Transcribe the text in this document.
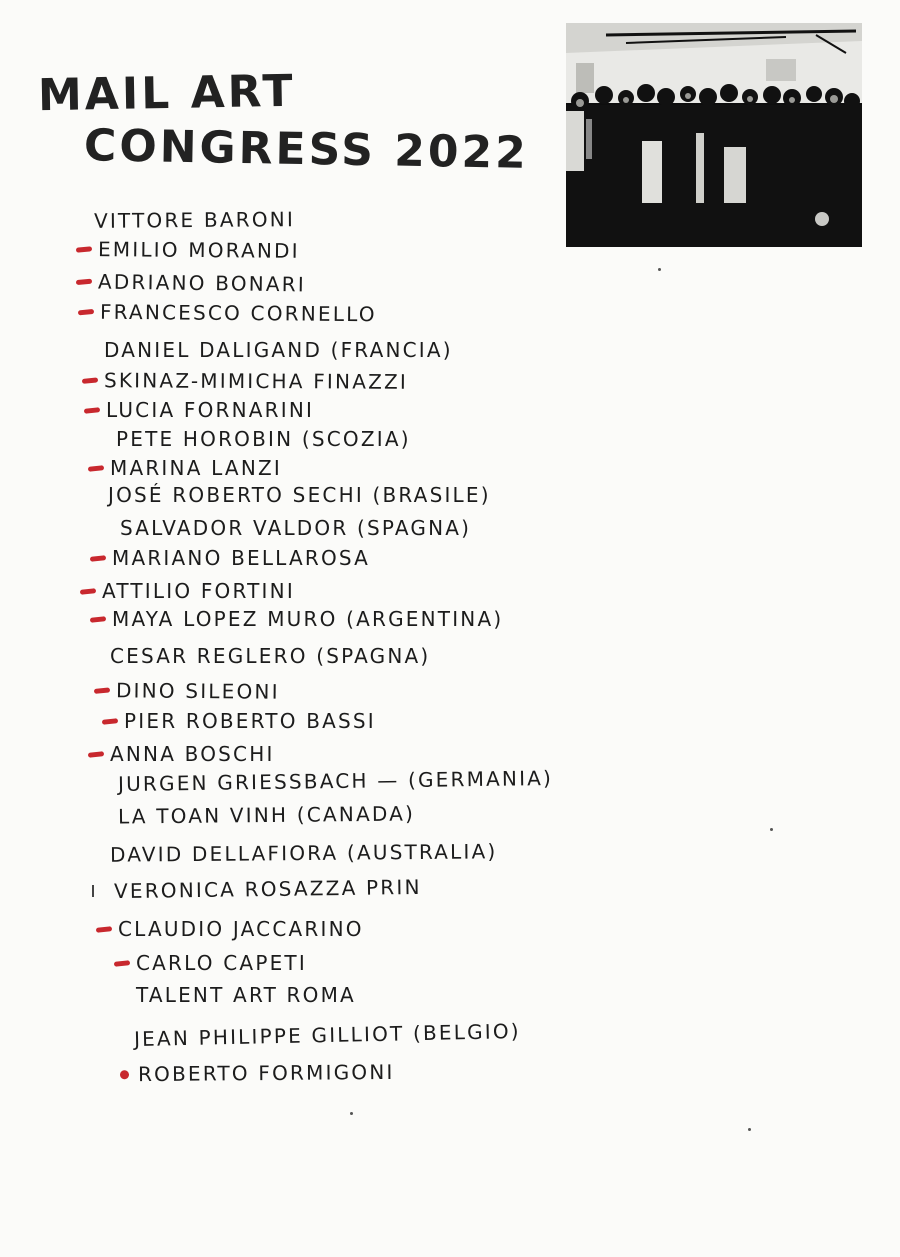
MAIL ART
CONGRESS 2022
VITTORE BARONI
EMILIO MORANDI
ADRIANO BONARI
FRANCESCO CORNELLO
DANIEL DALIGAND (FRANCIA)
SKINAZ-MIMICHA FINAZZI
LUCIA FORNARINI
PETE HOROBIN (SCOZIA)
MARINA LANZI
JOSÉ ROBERTO SECHI (BRASILE)
SALVADOR VALDOR (SPAGNA)
MARIANO BELLAROSA
ATTILIO FORTINI
MAYA LOPEZ MURO (ARGENTINA)
CESAR REGLERO (SPAGNA)
DINO SILEONI
PIER ROBERTO BASSI
ANNA BOSCHI
JURGEN GRIESSBACH — (GERMANIA)
LA TOAN VINH (CANADA)
DAVID DELLAFIORA (AUSTRALIA)
VERONICA ROSAZZA PRIN
CLAUDIO JACCARINO
CARLO CAPETI
TALENT ART ROMA
JEAN PHILIPPE GILLIOT (BELGIO)
ROBERTO FORMIGONI
